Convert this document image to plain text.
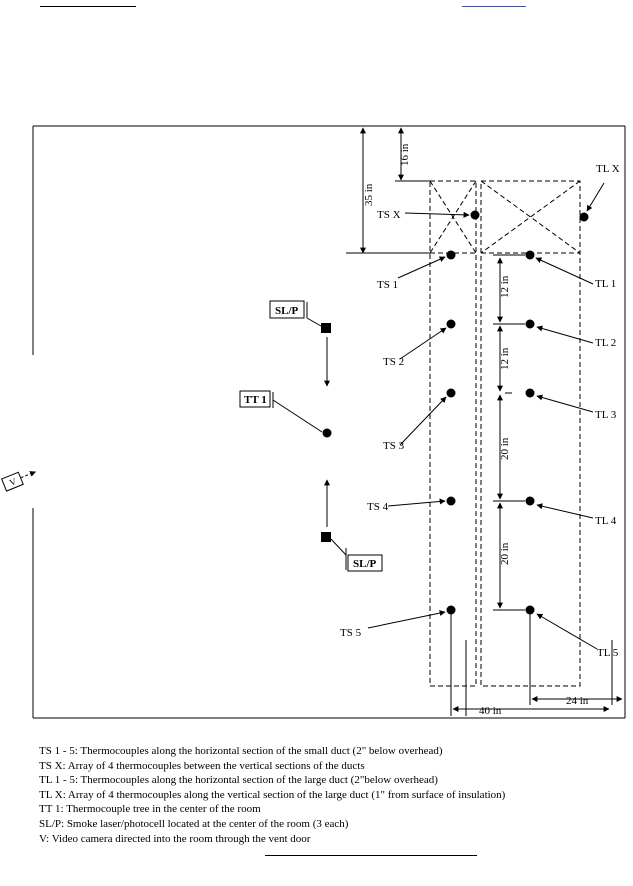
SL/P
TT 1
SL/P
TS 1
TS 2
TS 3
TS 4
TS 5
TS X
TL 1
TL 2
TL 3
TL 4
TL 5
TL X
35 in
16 in
12 in
12 in
20 in
20 in
40 in
24 in
V
TS 1 - 5: Thermocouples along the horizontal section of the small duct (2" below overhead)
TS X: Array of 4 thermocouples between the vertical sections of the ducts
TL 1 - 5: Thermocouples along the horizontal section of the large duct (2"below overhead)
TL X: Array of 4 thermocouples along the vertical section of the large duct (1" from surface of insulation)
TT 1: Thermocouple tree in the center of the room
SL/P: Smoke laser/photocell located at the center of the room (3 each)
V: Video camera directed into the room through the vent door
